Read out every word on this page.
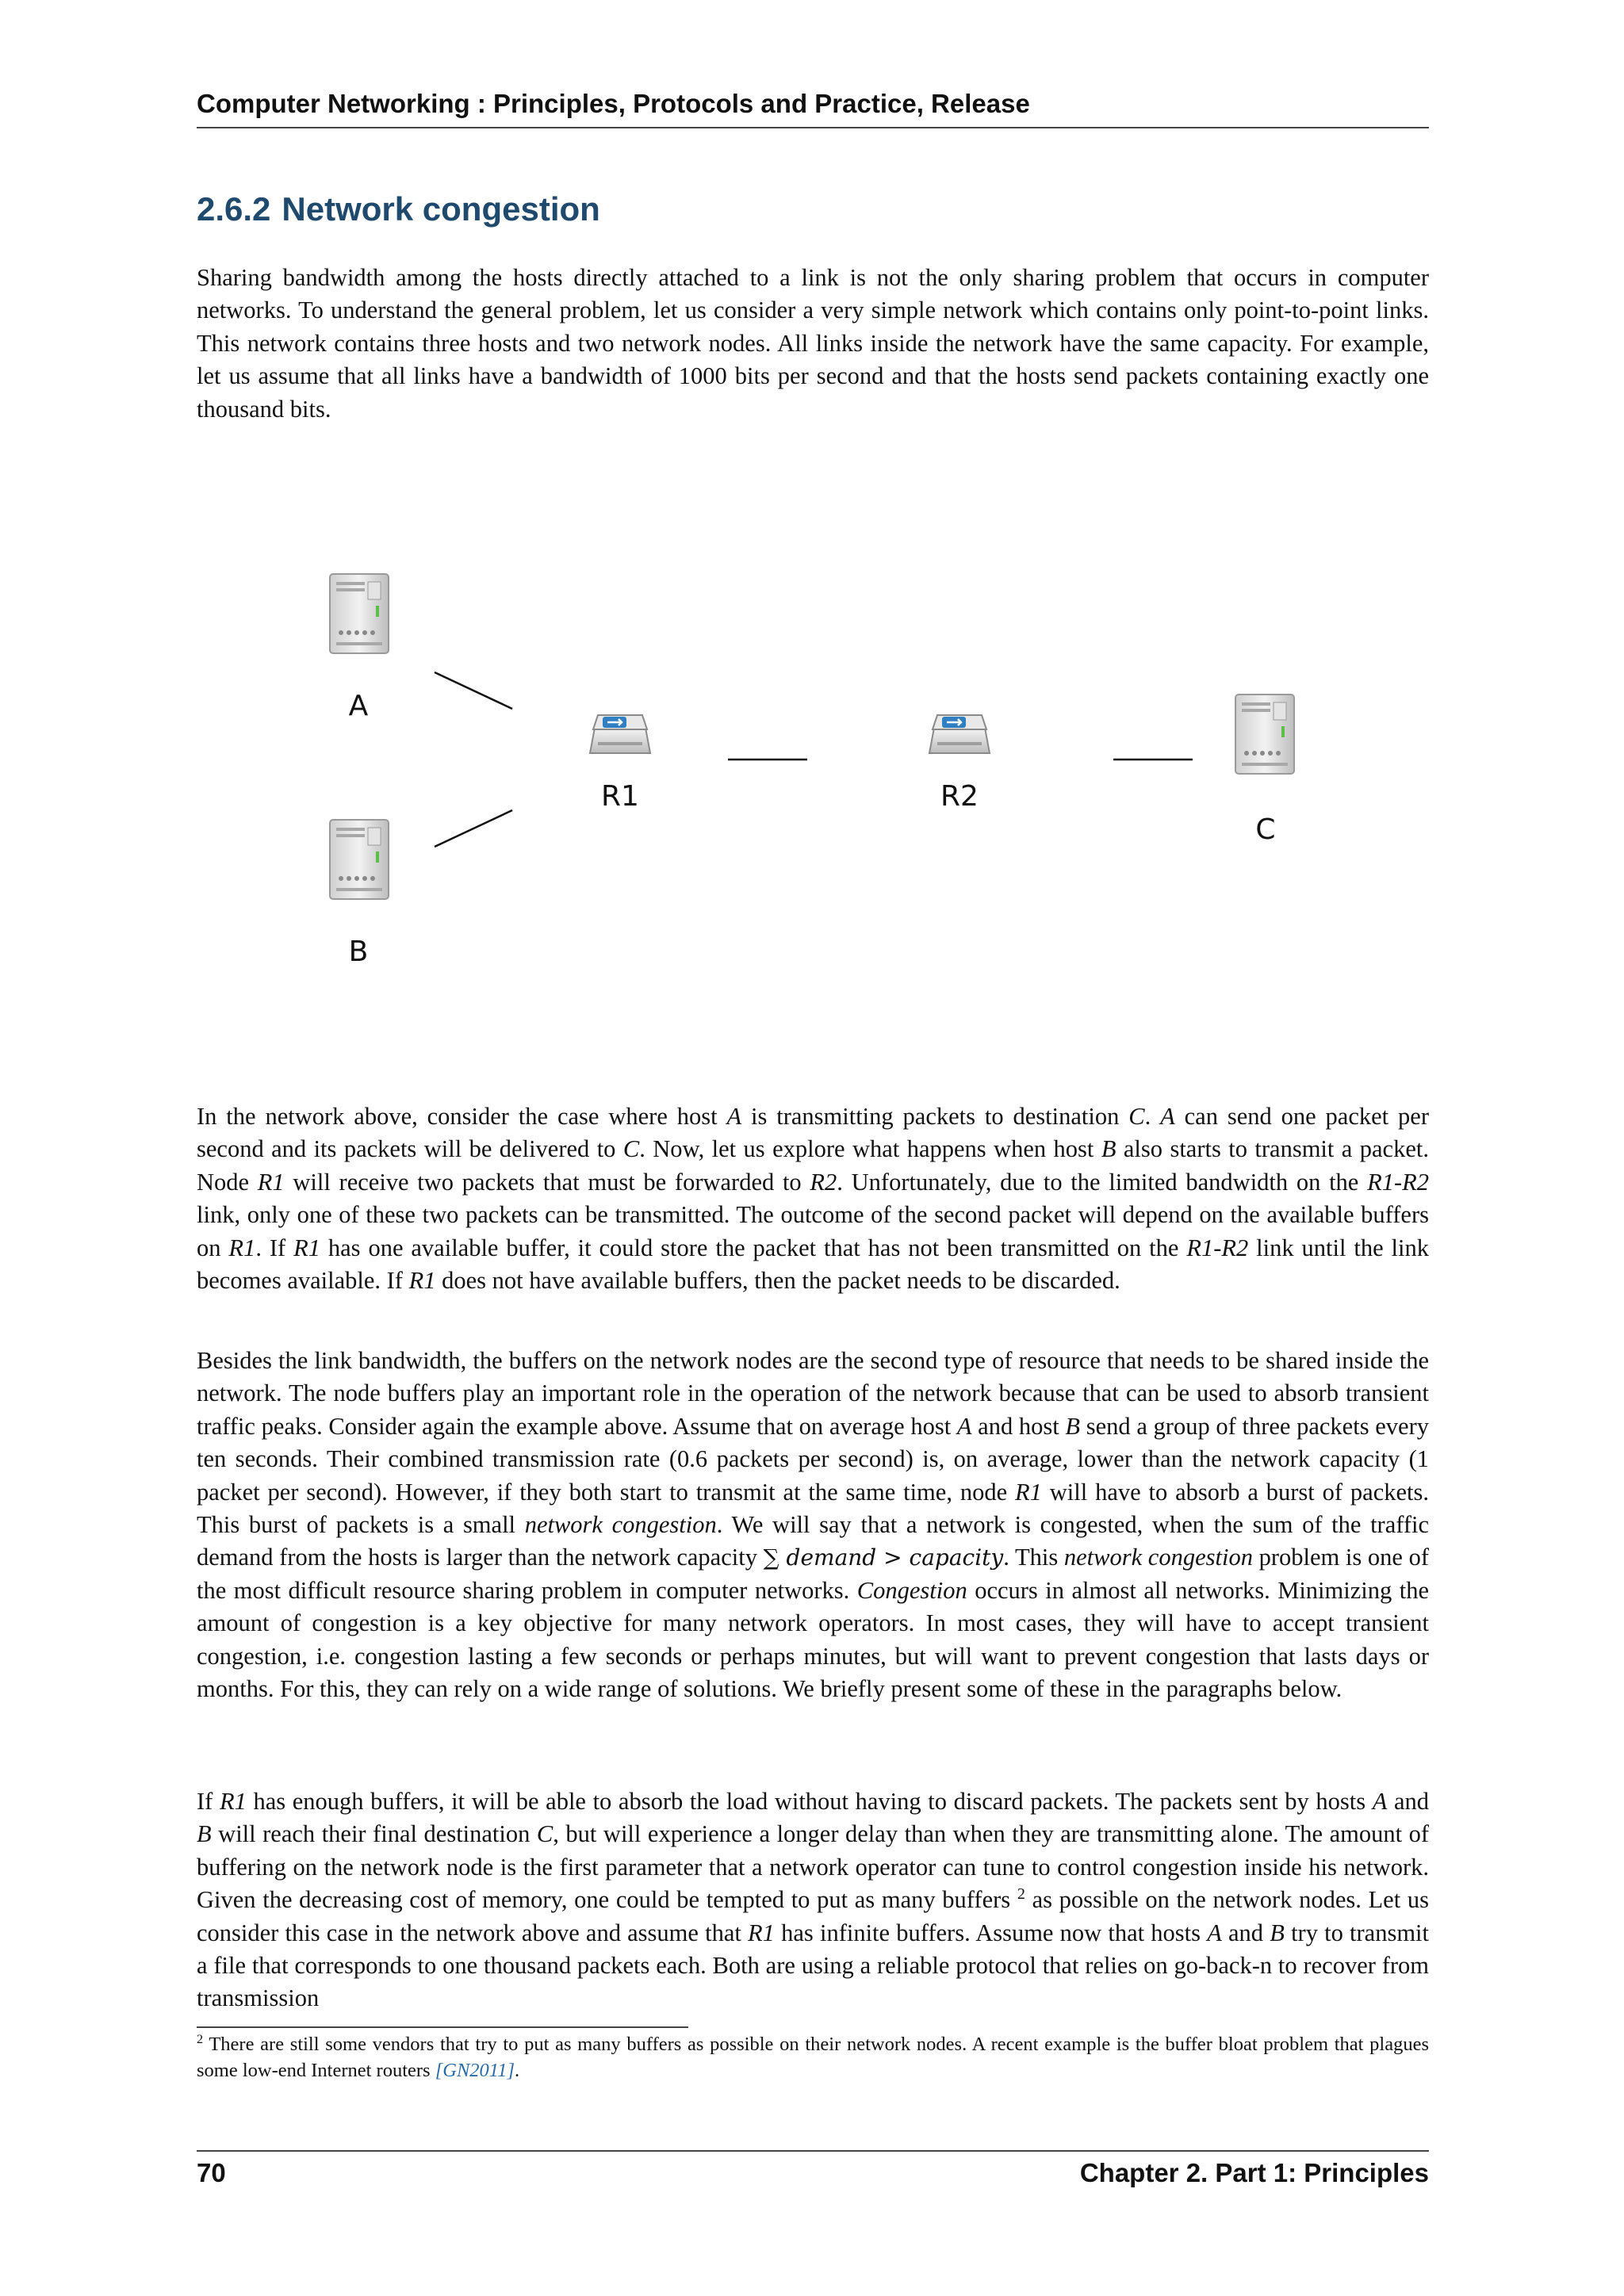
Computer Networking : Principles, Protocols and Practice, Release
2.6.2 Network congestion

Sharing bandwidth among the hosts directly attached to a link is not the only sharing problem that occurs in computer networks. To understand the general problem, let us consider a very simple network which contains only point-to-point links. This network contains three hosts and two network nodes. All links inside the network have the same capacity. For example, let us assume that all links have a bandwidth of 1000 bits per second and that the hosts send packets containing exactly one thousand bits.

A
B
R1	R2
C

In the network above, consider the case where host A is transmitting packets to destination C. A can send one packet per second and its packets will be delivered to C. Now, let us explore what happens when host B also starts to transmit a packet. Node R1 will receive two packets that must be forwarded to R2. Unfortunately, due to the limited bandwidth on the R1-R2 link, only one of these two packets can be transmitted. The outcome of the second packet will depend on the available buffers on R1. If R1 has one available buffer, it could store the packet that has not been transmitted on the R1-R2 link until the link becomes available. If R1 does not have available buffers, then the packet needs to be discarded.

Besides the link bandwidth, the buffers on the network nodes are the second type of resource that needs to be shared inside the network. The node buffers play an important role in the operation of the network because that can be used to absorb transient traffic peaks. Consider again the example above. Assume that on average host A and host B send a group of three packets every ten seconds. Their combined transmission rate (0.6 packets per second) is, on average, lower than the network capacity (1 packet per second). However, if they both start to transmit at the same time, node R1 will have to absorb a burst of packets. This burst of packets is a small network congestion. We will say that a network is congested, when the sum of the traffic demand from the hosts is larger than the network capacity ∑ demand > capacity. This network congestion problem is one of the most difficult resource sharing problem in computer networks. Congestion occurs in almost all networks. Minimizing the amount of congestion is a key objective for many network operators. In most cases, they will have to accept transient congestion, i.e. congestion lasting a few seconds or perhaps minutes, but will want to prevent congestion that lasts days or months. For this, they can rely on a wide range of solutions. We briefly present some of these in the paragraphs below.

If R1 has enough buffers, it will be able to absorb the load without having to discard packets. The packets sent by hosts A and B will reach their final destination C, but will experience a longer delay than when they are transmitting alone. The amount of buffering on the network node is the first parameter that a network operator can tune to control congestion inside his network. Given the decreasing cost of memory, one could be tempted to put as many buffers $^2$ as possible on the network nodes. Let us consider this case in the network above and assume that R1 has infinite buffers. Assume now that hosts A and B try to transmit a file that corresponds to one thousand packets each. Both are using a reliable protocol that relies on go-back-n to recover from transmission

$^2$ There are still some vendors that try to put as many buffers as possible on their network nodes. A recent example is the buffer bloat problem that plagues some low-end Internet routers [GN2011].
70	Chapter 2. Part 1: Principles
